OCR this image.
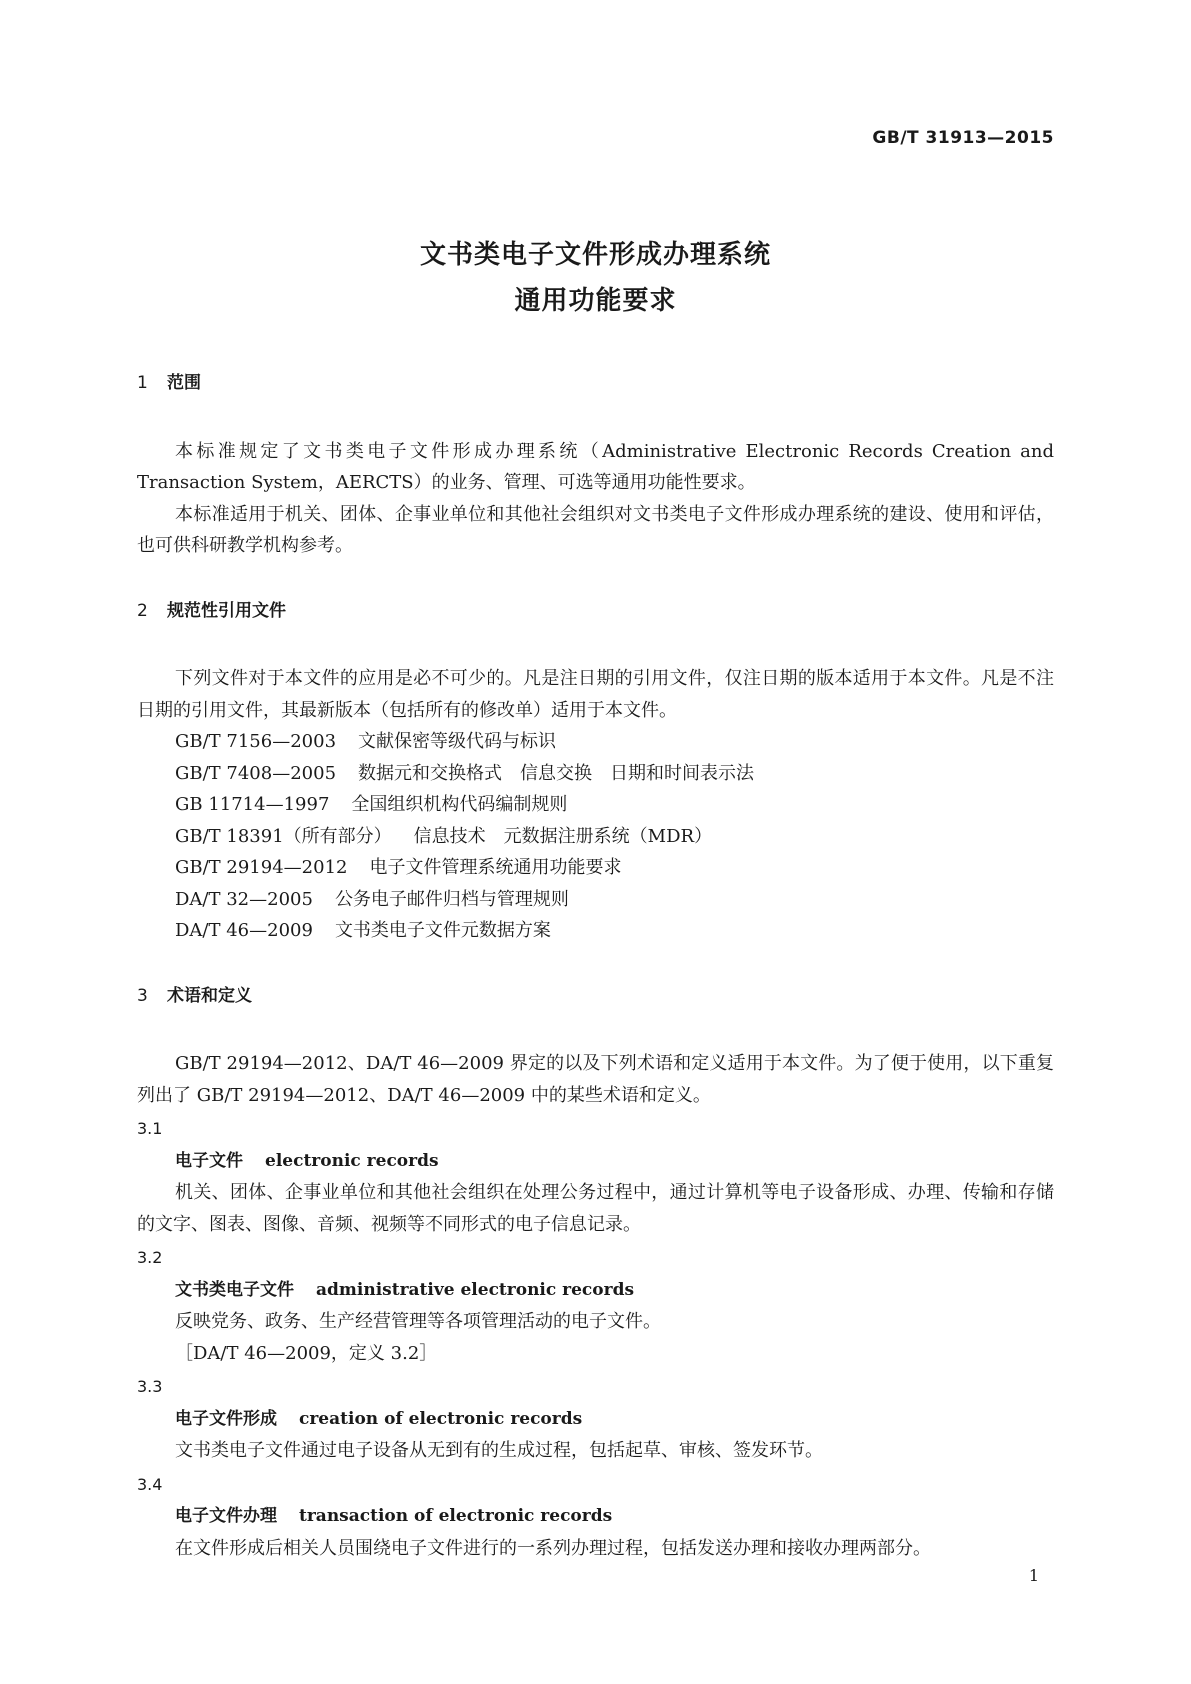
GB/T 31913—2015
文书类电子文件形成办理系统
通用功能要求
1 范围

本标准规定了文书类电子文件形成办理系统（Administrative Electronic Records Creation and Transaction System，AERCTS）的业务、管理、可选等通用功能性要求。

本标准适用于机关、团体、企事业单位和其他社会组织对文书类电子文件形成办理系统的建设、使用和评估，也可供科研教学机构参考。

2 规范性引用文件

下列文件对于本文件的应用是必不可少的。凡是注日期的引用文件，仅注日期的版本适用于本文件。凡是不注日期的引用文件，其最新版本（包括所有的修改单）适用于本文件。

GB/T 7156—2003 文献保密等级代码与标识

GB/T 7408—2005 数据元和交换格式　信息交换　日期和时间表示法

GB 11714—1997 全国组织机构代码编制规则

GB/T 18391（所有部分） 信息技术　元数据注册系统（MDR）

GB/T 29194—2012 电子文件管理系统通用功能要求

DA/T 32—2005 公务电子邮件归档与管理规则

DA/T 46—2009 文书类电子文件元数据方案

3 术语和定义

GB/T 29194—2012、DA/T 46—2009 界定的以及下列术语和定义适用于本文件。为了便于使用，以下重复列出了 GB/T 29194—2012、DA/T 46—2009 中的某些术语和定义。

3.1

电子文件 electronic records

机关、团体、企事业单位和其他社会组织在处理公务过程中，通过计算机等电子设备形成、办理、传输和存储的文字、图表、图像、音频、视频等不同形式的电子信息记录。

3.2

文书类电子文件 administrative electronic records

反映党务、政务、生产经营管理等各项管理活动的电子文件。

［DA/T 46—2009，定义 3.2］

3.3

电子文件形成 creation of electronic records

文书类电子文件通过电子设备从无到有的生成过程，包括起草、审核、签发环节。

3.4

电子文件办理 transaction of electronic records

在文件形成后相关人员围绕电子文件进行的一系列办理过程，包括发送办理和接收办理两部分。

1
